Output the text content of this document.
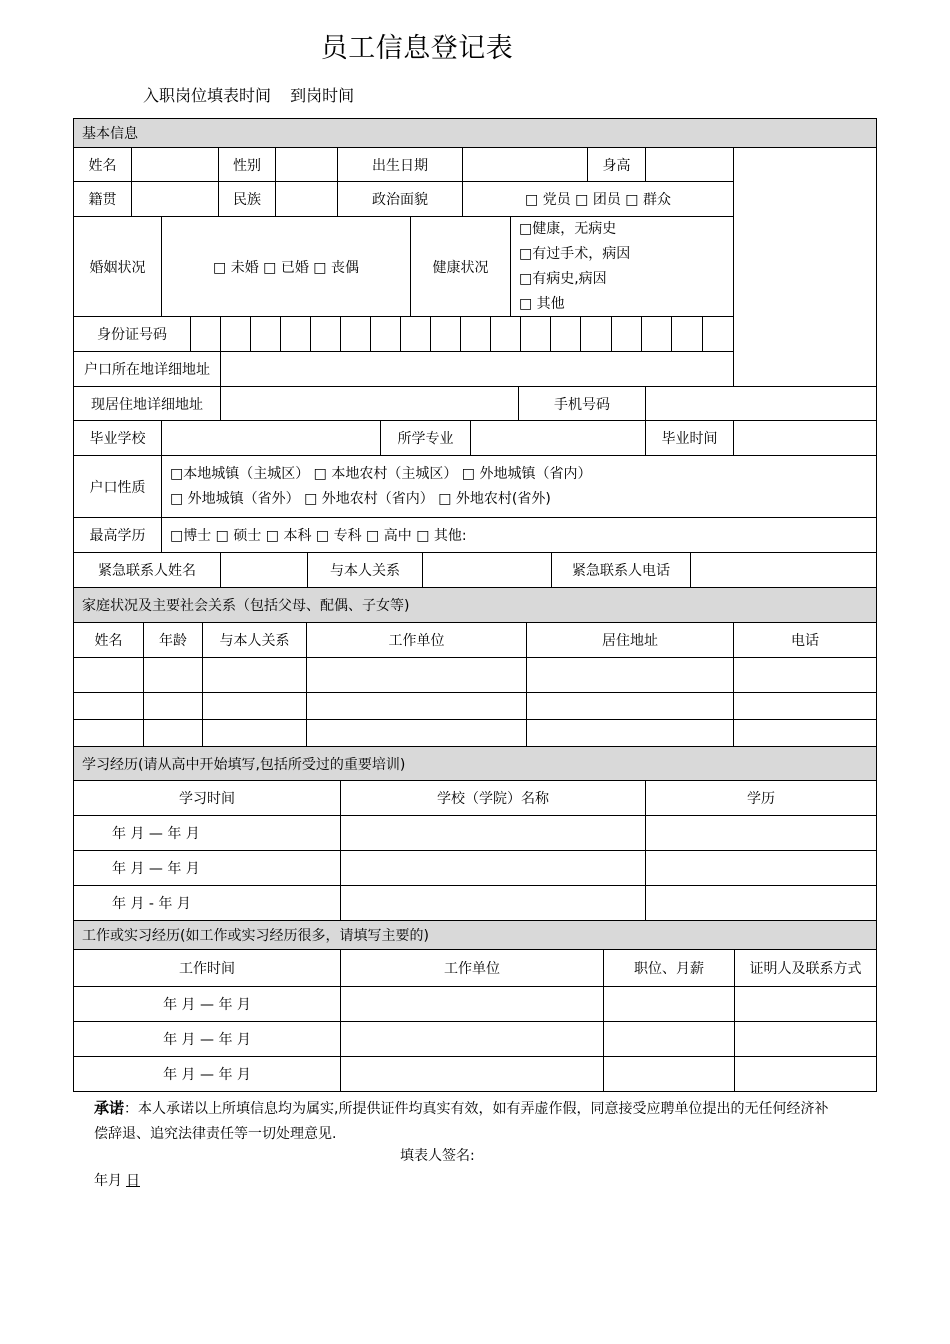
员工信息登记表
入职岗位填表时间 到岗时间
基本信息
姓名	性别	出生日期	身高
籍贯	民族	政治面貌	□ 党员 □ 团员 □ 群众
婚姻状况	□ 未婚 □ 已婚 □ 丧偶	健康状况
□健康，无病史
□有过手术，病因
□有病史,病因
□ 其他
身份证号码
户口所在地详细地址
现居住地详细地址	手机号码
毕业学校	所学专业	毕业时间
户口性质
□本地城镇（主城区） □ 本地农村（主城区） □ 外地城镇（省内）
□ 外地城镇（省外） □ 外地农村（省内） □ 外地农村(省外)
最高学历	□博士 □ 硕士 □ 本科 □ 专科 □ 高中 □ 其他:
紧急联系人姓名	与本人关系	紧急联系人电话
家庭状况及主要社会关系（包括父母、配偶、子女等)
姓名	年龄	与本人关系	工作单位	居住地址	电话
学习经历(请从高中开始填写,包括所受过的重要培训)
学习时间	学校（学院）名称	学历
年 月 — 年 月
年 月 — 年 月
年 月 - 年 月
工作或实习经历(如工作或实习经历很多，请填写主要的)
工作时间	工作单位	职位、月薪	证明人及联系方式
年 月 — 年 月
年 月 — 年 月
年 月 — 年 月
承诺：本人承诺以上所填信息均为属实,所提供证件均真实有效，如有弄虚作假，同意接受应聘单位提出的无任何经济补偿辞退、追究法律责任等一切处理意见.
填表人签名:
年月 日
